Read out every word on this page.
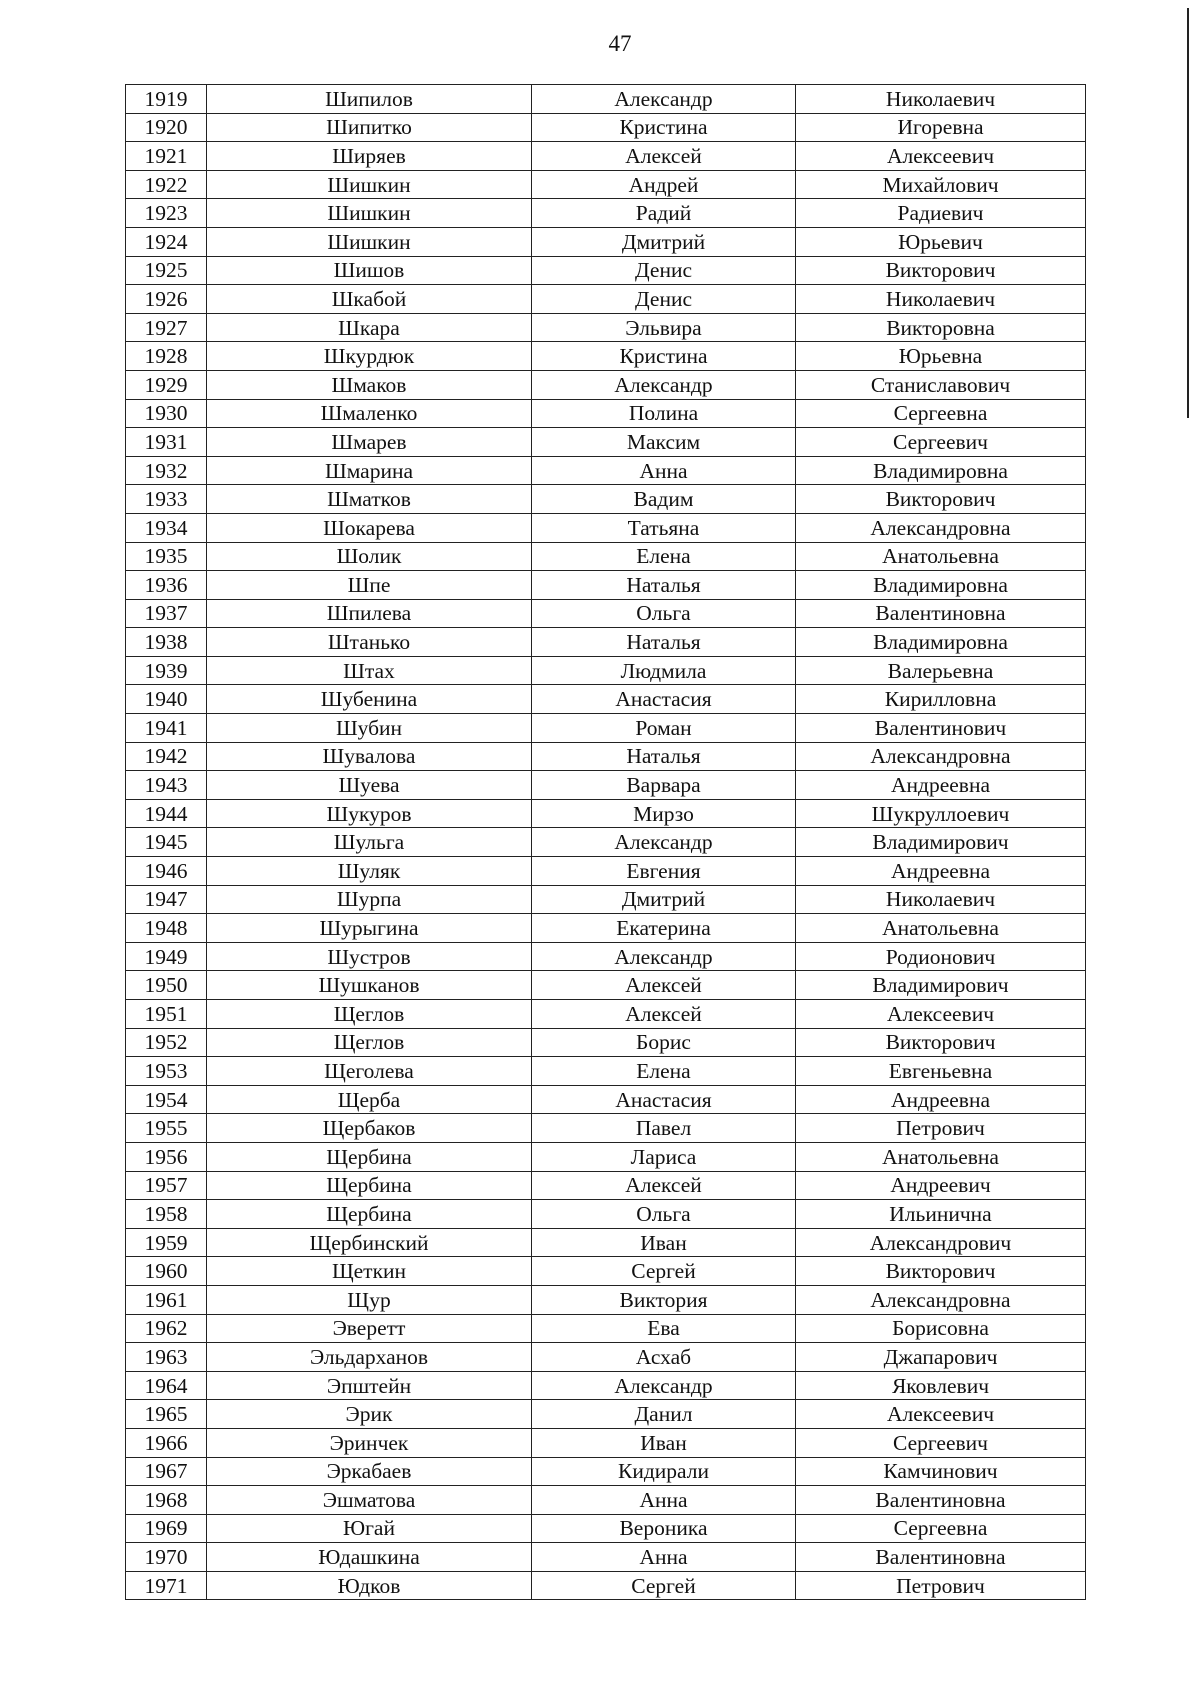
47
1919	Шипилов	Александр	Николаевич
1920	Шипитко	Кристина	Игоревна
1921	Ширяев	Алексей	Алексеевич
1922	Шишкин	Андрей	Михайлович
1923	Шишкин	Радий	Радиевич
1924	Шишкин	Дмитрий	Юрьевич
1925	Шишов	Денис	Викторович
1926	Шкабой	Денис	Николаевич
1927	Шкара	Эльвира	Викторовна
1928	Шкурдюк	Кристина	Юрьевна
1929	Шмаков	Александр	Станиславович
1930	Шмаленко	Полина	Сергеевна
1931	Шмарев	Максим	Сергеевич
1932	Шмарина	Анна	Владимировна
1933	Шматков	Вадим	Викторович
1934	Шокарева	Татьяна	Александровна
1935	Шолик	Елена	Анатольевна
1936	Шпе	Наталья	Владимировна
1937	Шпилева	Ольга	Валентиновна
1938	Штанько	Наталья	Владимировна
1939	Штах	Людмила	Валерьевна
1940	Шубенина	Анастасия	Кирилловна
1941	Шубин	Роман	Валентинович
1942	Шувалова	Наталья	Александровна
1943	Шуева	Варвара	Андреевна
1944	Шукуров	Мирзо	Шукруллоевич
1945	Шульга	Александр	Владимирович
1946	Шуляк	Евгения	Андреевна
1947	Шурпа	Дмитрий	Николаевич
1948	Шурыгина	Екатерина	Анатольевна
1949	Шустров	Александр	Родионович
1950	Шушканов	Алексей	Владимирович
1951	Щеглов	Алексей	Алексеевич
1952	Щеглов	Борис	Викторович
1953	Щеголева	Елена	Евгеньевна
1954	Щерба	Анастасия	Андреевна
1955	Щербаков	Павел	Петрович
1956	Щербина	Лариса	Анатольевна
1957	Щербина	Алексей	Андреевич
1958	Щербина	Ольга	Ильинична
1959	Щербинский	Иван	Александрович
1960	Щеткин	Сергей	Викторович
1961	Щур	Виктория	Александровна
1962	Эверетт	Ева	Борисовна
1963	Эльдарханов	Асхаб	Джапарович
1964	Эпштейн	Александр	Яковлевич
1965	Эрик	Данил	Алексеевич
1966	Эринчек	Иван	Сергеевич
1967	Эркабаев	Кидирали	Камчинович
1968	Эшматова	Анна	Валентиновна
1969	Югай	Вероника	Сергеевна
1970	Юдашкина	Анна	Валентиновна
1971	Юдков	Сергей	Петрович
